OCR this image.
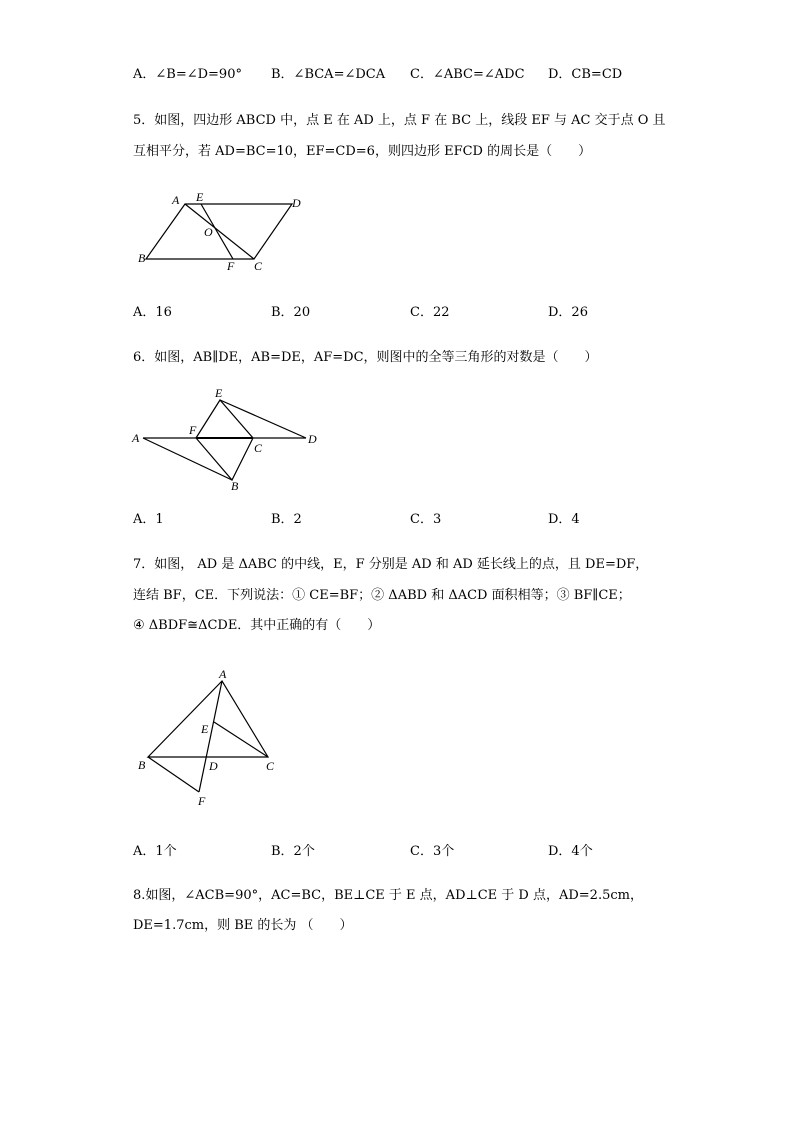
A．∠B=∠D=90° B．∠BCA=∠DCA C．∠ABC=∠ADC D．CB=CD
5．如图，四边形 ABCD 中，点 E 在 AD 上，点 F 在 BC 上，线段 EF 与 AC 交于点 O 且
互相平分，若 AD=BC=10，EF=CD=6，则四边形 EFCD 的周长是（　　）
A E	D
O
B
F C
A．16	B．20	C．22	D．26
6．如图，AB∥DE，AB=DE，AF=DC，则图中的全等三角形的对数是（　　）
E
A
F
C
D
B
A．1	B．2	C．3	D．4
7．如图， AD 是 ΔABC 的中线，E，F 分别是 AD 和 AD 延长线上的点，且 DE=DF，
连结 BF，CE．下列说法：① CE=BF；② ΔABD 和 ΔACD 面积相等；③ BF∥CE；
④ ΔBDF≅ΔCDE．其中正确的有（　　）
A
E
B	D	C
F
A．1个	B．2个	C．3个	D．4个
8.如图，∠ACB=90°，AC=BC，BE⊥CE 于 E 点，AD⊥CE 于 D 点，AD=2.5cm，
DE=1.7cm，则 BE 的长为 （　　）
